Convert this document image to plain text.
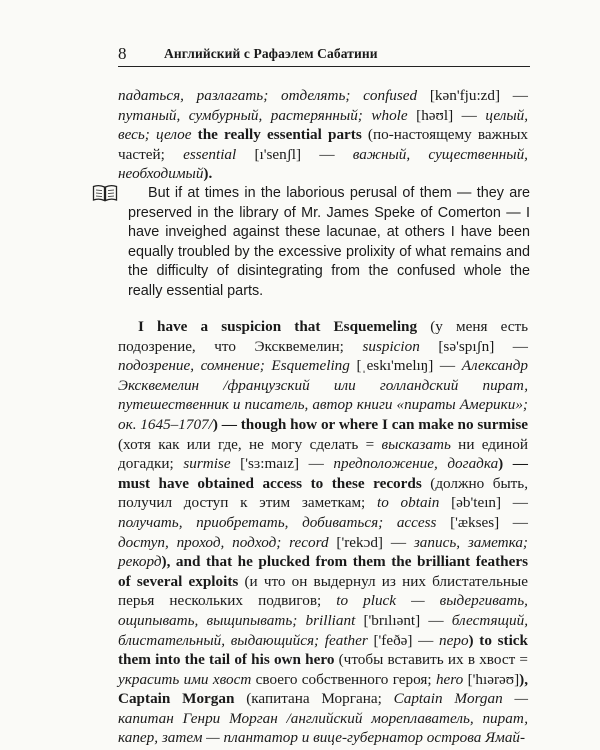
8	Английский с Рафаэлем Сабатини
падаться, разлагать; отделять; confused [kən'fju:zd] — путаный, сумбурный, растерянный; whole [həʊl] — целый, весь; целое the really essential parts (по-настоящему важных частей; essential [ı'senʃl] — важный, существенный, необходимый).
But if at times in the laborious perusal of them — they are preserved in the library of Mr. James Speke of Comerton — I have inveighed against these lacunae, at others I have been equally troubled by the excessive prolixity of what remains and the difficulty of disintegrating from the confused whole the really essential parts.
I have a suspicion that Esquemeling (у меня есть подозрение, что Эксквемелин; suspicion [sə'spıʃn] — подозрение, сомнение; Esquemeling [ˌeskı'melıŋ] — Александр Эксквемелин /французский или голландский пират, путешественник и писатель, автор книги «пираты Америки»; ок. 1645–1707/) — though how or where I can make no surmise (хотя как или где, не могу сделать = высказать ни единой догадки; surmise ['sɜ:maız] — предположение, догадка) — must have obtained access to these records (должно быть, получил доступ к этим заметкам; to obtain [əb'teın] — получать, приобретать, добиваться; access ['ækses] — доступ, проход, подход; record ['rekɔd] — запись, заметка; рекорд), and that he plucked from them the brilliant feathers of several exploits (и что он выдернул из них блистательные перья нескольких подвигов; to pluck — выдергивать, ощипывать, выщипывать; brilliant ['brılıənt] — блестящий, блистательный, выдающийся; feather ['feðə] — перо) to stick them into the tail of his own hero (чтобы вставить их в хвост = украсить ими хвост своего собственного героя; hero ['hıərəʊ]), Captain Morgan (капитана Моргана; Captain Morgan — капитан Генри Морган /английский мореплаватель, пират, капер, затем — плантатор и вице-губернатор острова Ямай-
